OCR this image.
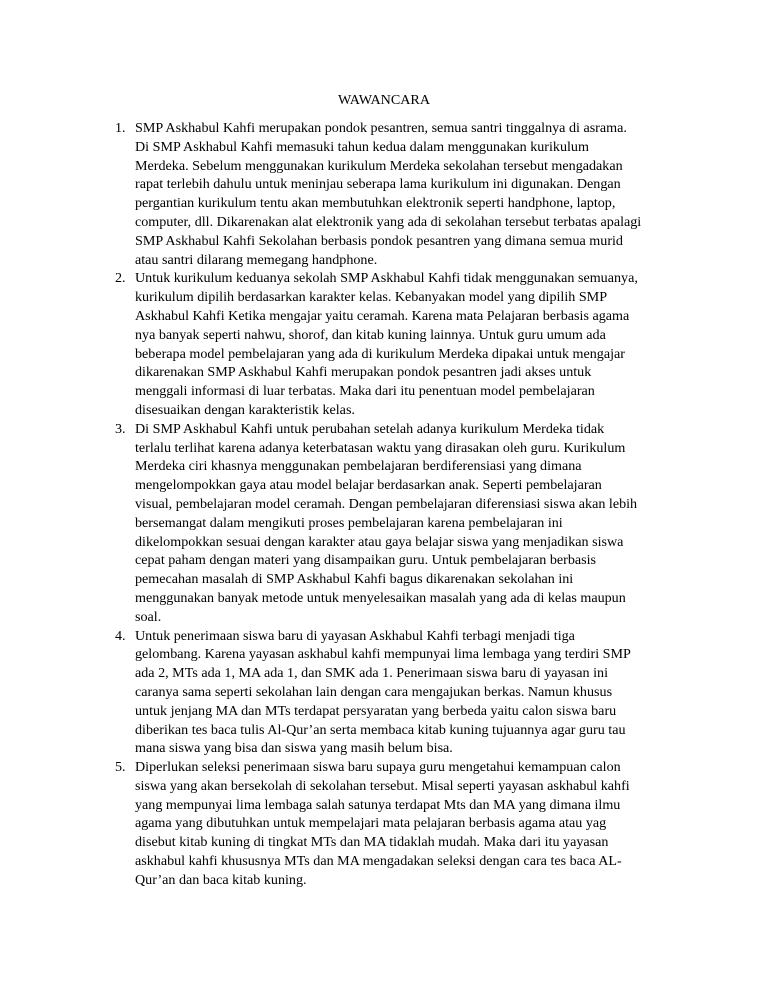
WAWANCARA
1. SMP Askhabul Kahfi merupakan pondok pesantren, semua santri tinggalnya di asrama.
Di SMP Askhabul Kahfi memasuki tahun kedua dalam menggunakan kurikulum
Merdeka. Sebelum menggunakan kurikulum Merdeka sekolahan tersebut mengadakan
rapat terlebih dahulu untuk meninjau seberapa lama kurikulum ini digunakan. Dengan
pergantian kurikulum tentu akan membutuhkan elektronik seperti handphone, laptop,
computer, dll. Dikarenakan alat elektronik yang ada di sekolahan tersebut terbatas apalagi
SMP Askhabul Kahfi Sekolahan berbasis pondok pesantren yang dimana semua murid
atau santri dilarang memegang handphone.
2. Untuk kurikulum keduanya sekolah SMP Askhabul Kahfi tidak menggunakan semuanya,
kurikulum dipilih berdasarkan karakter kelas. Kebanyakan model yang dipilih SMP
Askhabul Kahfi Ketika mengajar yaitu ceramah. Karena mata Pelajaran berbasis agama
nya banyak seperti nahwu, shorof, dan kitab kuning lainnya. Untuk guru umum ada
beberapa model pembelajaran yang ada di kurikulum Merdeka dipakai untuk mengajar
dikarenakan SMP Askhabul Kahfi merupakan pondok pesantren jadi akses untuk
menggali informasi di luar terbatas. Maka dari itu penentuan model pembelajaran
disesuaikan dengan karakteristik kelas.
3. Di SMP Askhabul Kahfi untuk perubahan setelah adanya kurikulum Merdeka tidak
terlalu terlihat karena adanya keterbatasan waktu yang dirasakan oleh guru. Kurikulum
Merdeka ciri khasnya menggunakan pembelajaran berdiferensiasi yang dimana
mengelompokkan gaya atau model belajar berdasarkan anak. Seperti pembelajaran
visual, pembelajaran model ceramah. Dengan pembelajaran diferensiasi siswa akan lebih
bersemangat dalam mengikuti proses pembelajaran karena pembelajaran ini
dikelompokkan sesuai dengan karakter atau gaya belajar siswa yang menjadikan siswa
cepat paham dengan materi yang disampaikan guru. Untuk pembelajaran berbasis
pemecahan masalah di SMP Askhabul Kahfi bagus dikarenakan sekolahan ini
menggunakan banyak metode untuk menyelesaikan masalah yang ada di kelas maupun
soal.
4. Untuk penerimaan siswa baru di yayasan Askhabul Kahfi terbagi menjadi tiga
gelombang. Karena yayasan askhabul kahfi mempunyai lima lembaga yang terdiri SMP
ada 2, MTs ada 1, MA ada 1, dan SMK ada 1. Penerimaan siswa baru di yayasan ini
caranya sama seperti sekolahan lain dengan cara mengajukan berkas. Namun khusus
untuk jenjang MA dan MTs terdapat persyaratan yang berbeda yaitu calon siswa baru
diberikan tes baca tulis Al-Qur’an serta membaca kitab kuning tujuannya agar guru tau
mana siswa yang bisa dan siswa yang masih belum bisa.
5. Diperlukan seleksi penerimaan siswa baru supaya guru mengetahui kemampuan calon
siswa yang akan bersekolah di sekolahan tersebut. Misal seperti yayasan askhabul kahfi
yang mempunyai lima lembaga salah satunya terdapat Mts dan MA yang dimana ilmu
agama yang dibutuhkan untuk mempelajari mata pelajaran berbasis agama atau yag
disebut kitab kuning di tingkat MTs dan MA tidaklah mudah. Maka dari itu yayasan
askhabul kahfi khususnya MTs dan MA mengadakan seleksi dengan cara tes baca AL-
Qur’an dan baca kitab kuning.
